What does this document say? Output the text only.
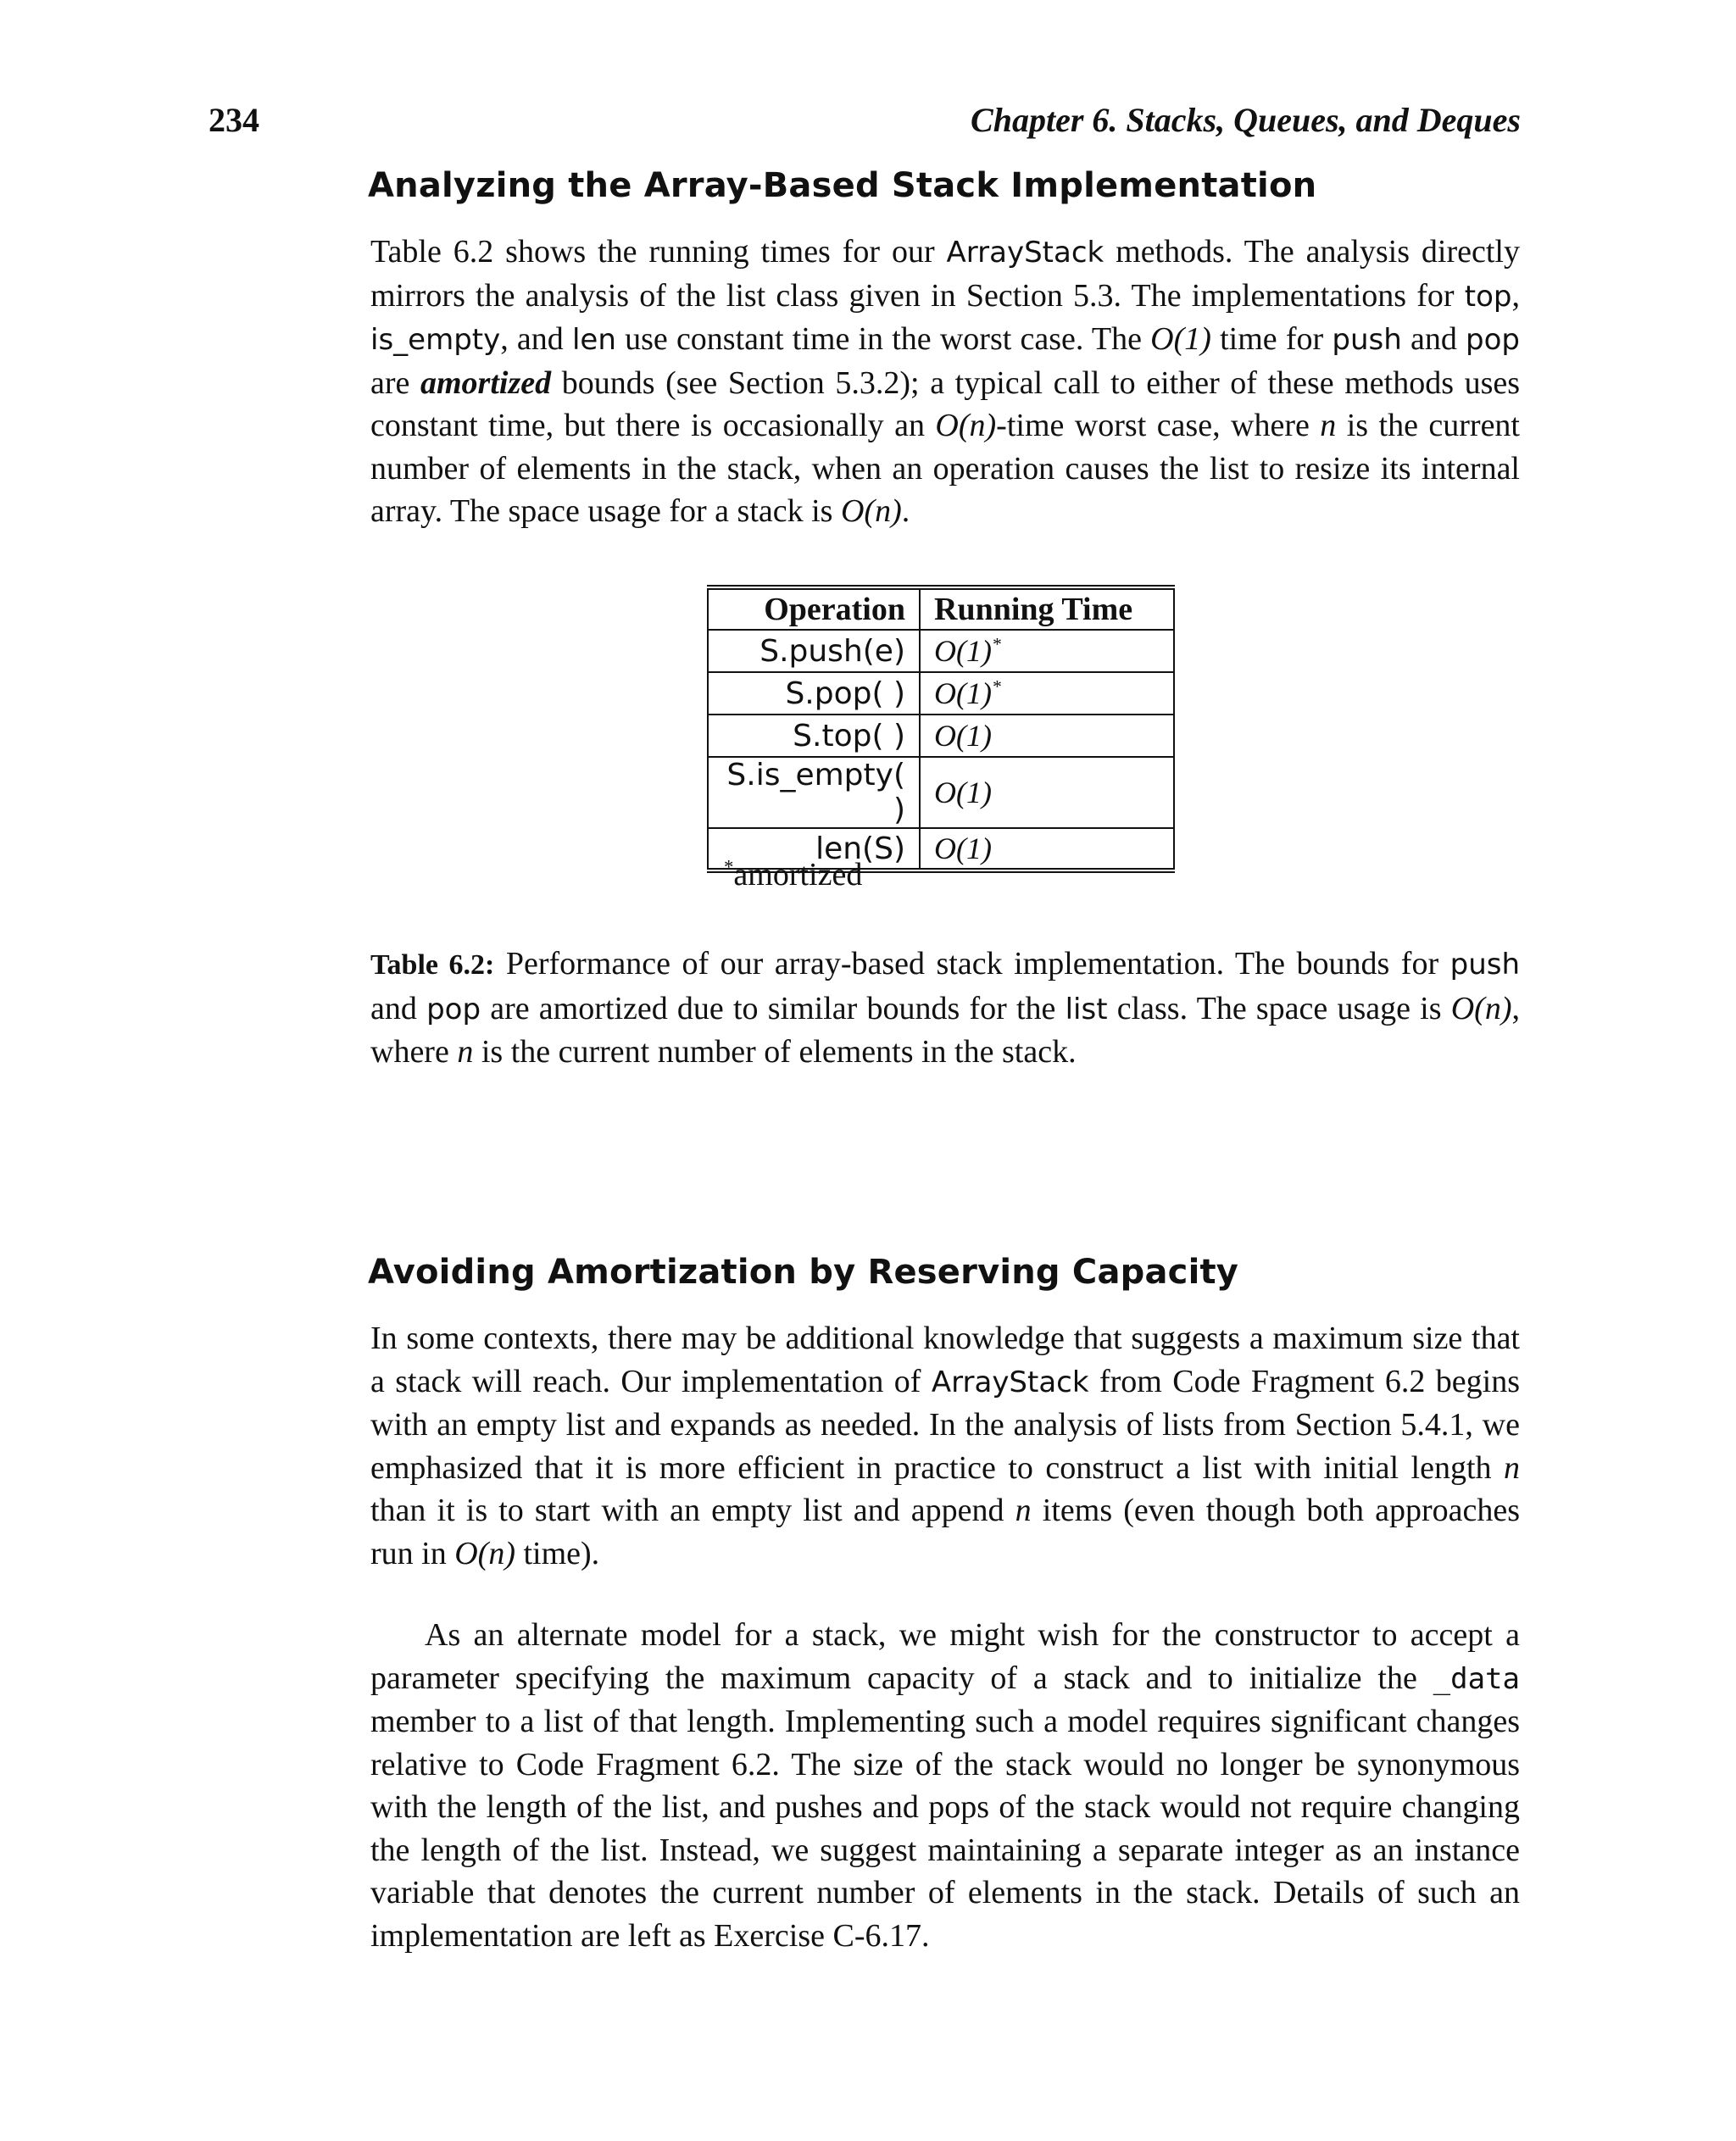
234	Chapter 6. Stacks, Queues, and Deques
Analyzing the Array-Based Stack Implementation

Table 6.2 shows the running times for our ArrayStack methods. The analysis directly mirrors the analysis of the list class given in Section 5.3. The implementations for top, is_empty, and len use constant time in the worst case. The O(1) time for push and pop are amortized bounds (see Section 5.3.2); a typical call to either of these methods uses constant time, but there is occasionally an O(n)-time worst case, where n is the current number of elements in the stack, when an operation causes the list to resize its internal array. The space usage for a stack is O(n).

Operation	Running Time
S.push(e)	O(1)*
S.pop( )	O(1)*
S.top( )	O(1)
S.is_empty( )	O(1)
len(S)	O(1)
*amortized

Table 6.2: Performance of our array-based stack implementation. The bounds for push and pop are amortized due to similar bounds for the list class. The space usage is O(n), where n is the current number of elements in the stack.

Avoiding Amortization by Reserving Capacity

In some contexts, there may be additional knowledge that suggests a maximum size that a stack will reach. Our implementation of ArrayStack from Code Fragment 6.2 begins with an empty list and expands as needed. In the analysis of lists from Section 5.4.1, we emphasized that it is more efficient in practice to construct a list with initial length n than it is to start with an empty list and append n items (even though both approaches run in O(n) time).

As an alternate model for a stack, we might wish for the constructor to accept a parameter specifying the maximum capacity of a stack and to initialize the _data member to a list of that length. Implementing such a model requires significant changes relative to Code Fragment 6.2. The size of the stack would no longer be synonymous with the length of the list, and pushes and pops of the stack would not require changing the length of the list. Instead, we suggest maintaining a separate integer as an instance variable that denotes the current number of elements in the stack. Details of such an implementation are left as Exercise C-6.17.
